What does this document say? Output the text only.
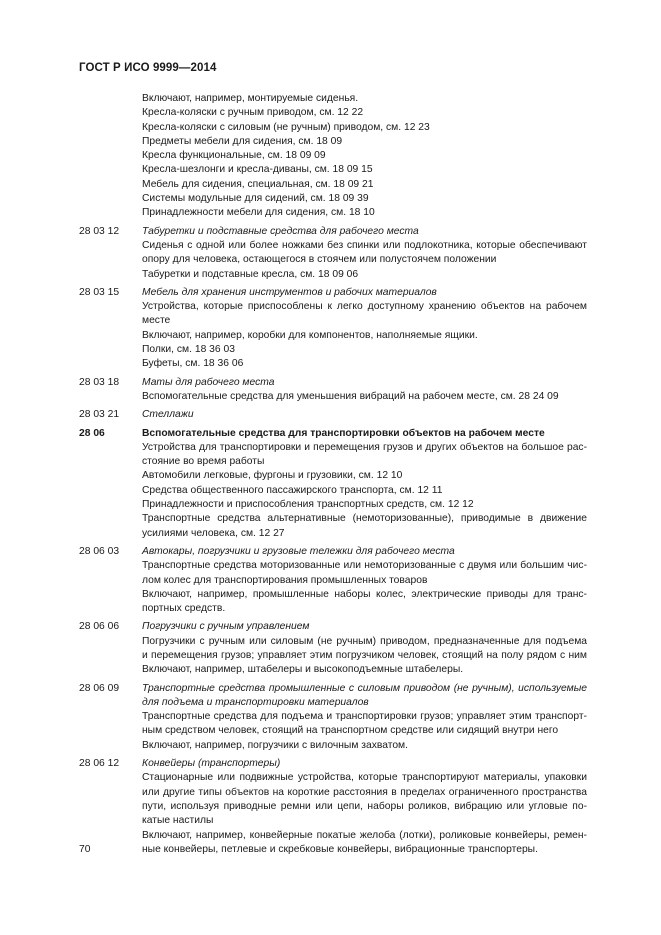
ГОСТ Р ИСО 9999—2014
Включают, например, монтируемые сиденья.
Кресла-коляски с ручным приводом, см. 12 22
Кресла-коляски с силовым (не ручным) приводом, см. 12 23
Предметы мебели для сидения, см. 18 09
Кресла функциональные, см. 18 09 09
Кресла-шезлонги и кресла-диваны, см. 18 09 15
Мебель для сидения, специальная, см. 18 09 21
Системы модульные для сидений, см. 18 09 39
Принадлежности мебели для сидения, см. 18 10
28 03 12	Табуретки и подставные средства для рабочего места
Сиденья с одной или более ножками без спинки или подлокотника, которые обеспечивают
опору для человека, остающегося в стоячем или полустоячем положении
Табуретки и подставные кресла, см. 18 09 06
28 03 15	Мебель для хранения инструментов и рабочих материалов
Устройства, которые приспособлены к легко доступному хранению объектов на рабочем
месте
Включают, например, коробки для компонентов, наполняемые ящики.
Полки, см. 18 36 03
Буфеты, см. 18 36 06
28 03 18	Маты для рабочего места
Вспомогательные средства для уменьшения вибраций на рабочем месте, см. 28 24 09
28 03 21	Стеллажи
28 06	Вспомогательные средства для транспортировки объектов на рабочем месте
Устройства для транспортировки и перемещения грузов и других объектов на большое рас-
стояние во время работы
Автомобили легковые, фургоны и грузовики, см. 12 10
Средства общественного пассажирского транспорта, см. 12 11
Принадлежности и приспособления транспортных средств, см. 12 12
Транспортные средства альтернативные (немоторизованные), приводимые в движение
усилиями человека, см. 12 27
28 06 03	Автокары, погрузчики и грузовые тележки для рабочего места
Транспортные средства моторизованные или немоторизованные с двумя или большим чис-
лом колес для транспортирования промышленных товаров
Включают, например, промышленные наборы колес, электрические приводы для транс-
портных средств.
28 06 06	Погрузчики с ручным управлением
Погрузчики с ручным или силовым (не ручным) приводом, предназначенные для подъема
и перемещения грузов; управляет этим погрузчиком человек, стоящий на полу рядом с ним
Включают, например, штабелеры и высокоподъемные штабелеры.
28 06 09	Транспортные средства промышленные с силовым приводом (не ручным), используемые
для подъема и транспортировки материалов
Транспортные средства для подъема и транспортировки грузов; управляет этим транспорт-
ным средством человек, стоящий на транспортном средстве или сидящий внутри него
Включают, например, погрузчики с вилочным захватом.
28 06 12	Конвейеры (транспортеры)
Стационарные или подвижные устройства, которые транспортируют материалы, упаковки
или другие типы объектов на короткие расстояния в пределах ограниченного пространства
пути, используя приводные ремни или цепи, наборы роликов, вибрацию или угловые по-
катые настилы
Включают, например, конвейерные покатые желоба (лотки), роликовые конвейеры, ремен-
ные конвейеры, петлевые и скребковые конвейеры, вибрационные транспортеры.
70
